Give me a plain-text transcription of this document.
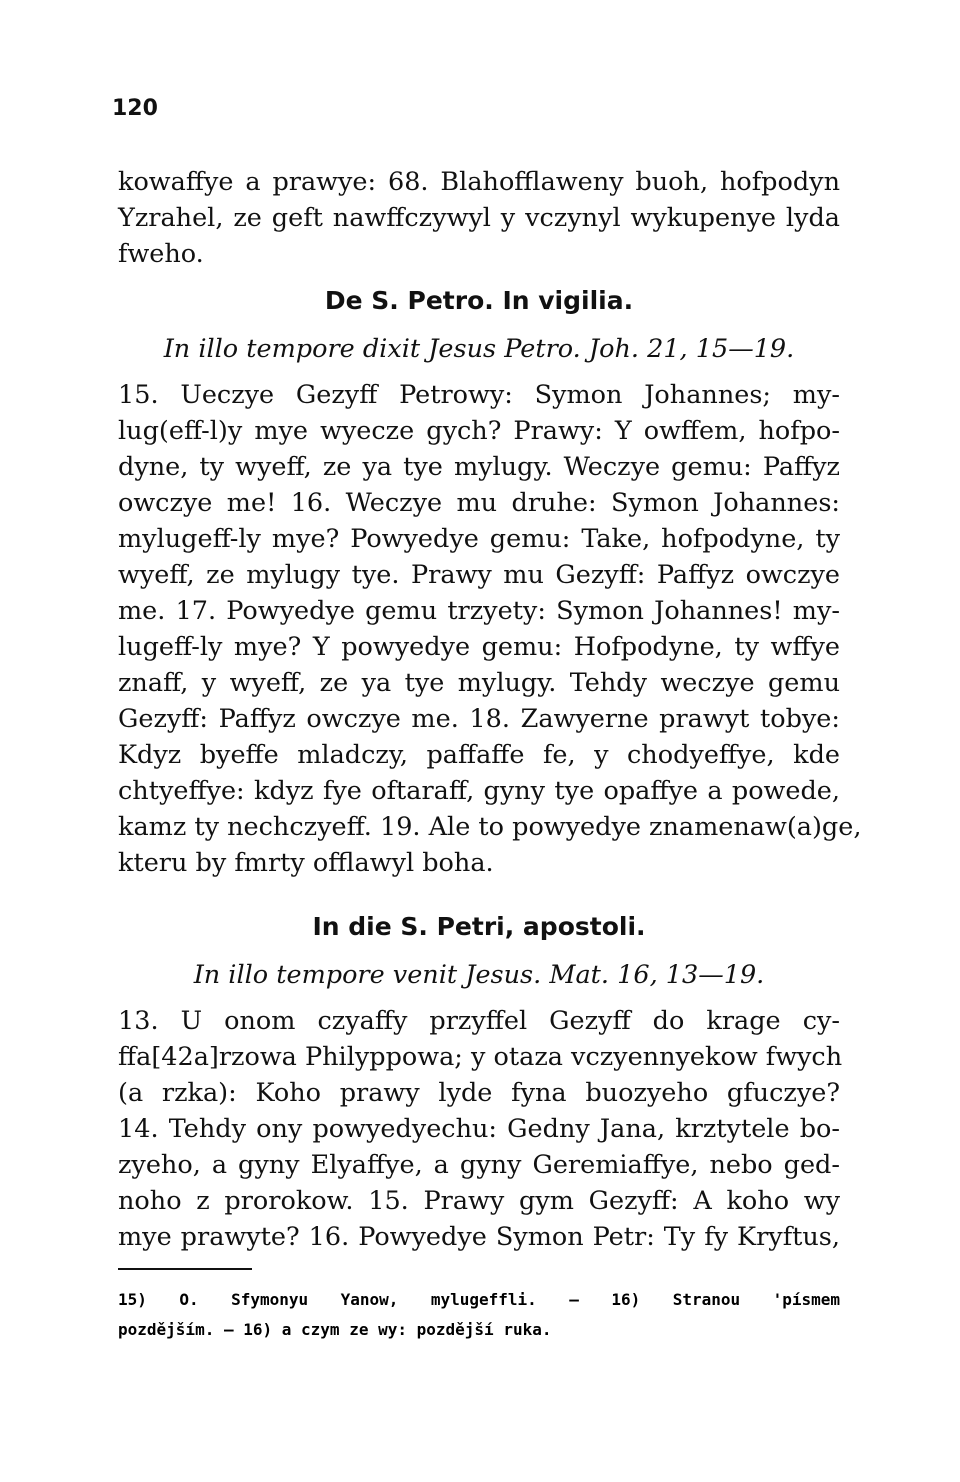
120
kowaffye a prawye: 68. Blahofflaweny buoh, hofpodyn
Yzrahel, ze geft nawffczywyl y vczynyl wykupenye lyda
fweho.
De S. Petro. In vigilia.
In illo tempore dixit Jesus Petro. Joh. 21, 15—19.
15. Ueczye Gezyff Petrowy: Symon Johannes; my-
lug(eff-l)y mye wyecze gych? Prawy: Y owffem, hofpo-
dyne, ty wyeff, ze ya tye mylugy. Weczye gemu: Paffyz
owczye me! 16. Weczye mu druhe: Symon Johannes:
mylugeff-ly mye? Powyedye gemu: Take, hofpodyne, ty
wyeff, ze mylugy tye. Prawy mu Gezyff: Paffyz owczye
me. 17. Powyedye gemu trzyety: Symon Johannes! my-
lugeff-ly mye? Y powyedye gemu: Hofpodyne, ty wffye
znaff, y wyeff, ze ya tye mylugy. Tehdy weczye gemu
Gezyff: Paffyz owczye me. 18. Zawyerne prawyt tobye:
Kdyz byeffe mladczy, paffaffe fe, y chodyeffye, kde
chtyeffye: kdyz fye oftaraff, gyny tye opaffye a powede,
kamz ty nechczyeff. 19. Ale to powyedye znamenaw(a)ge,
kteru by fmrty offlawyl boha.
In die S. Petri, apostoli.
In illo tempore venit Jesus. Mat. 16, 13—19.
13. U onom czyaffy przyffel Gezyff do krage cy-
ffa[42a]rzowa Philyppowa; y otaza vczyennyekow fwych
(a rzka): Koho prawy lyde fyna buozyeho gfuczye?
14. Tehdy ony powyedyechu: Gedny Jana, krztytele bo-
zyeho, a gyny Elyaffye, a gyny Geremiaffye, nebo ged-
noho z prorokow. 15. Prawy gym Gezyff: A koho wy
mye prawyte? 16. Powyedye Symon Petr: Ty fy Kryftus,
15) O. Sfymonyu Yanow, mylugeffli. — 16) Stranou 'písmem
pozdějším. — 16) a czym ze wy: pozdější ruka.
